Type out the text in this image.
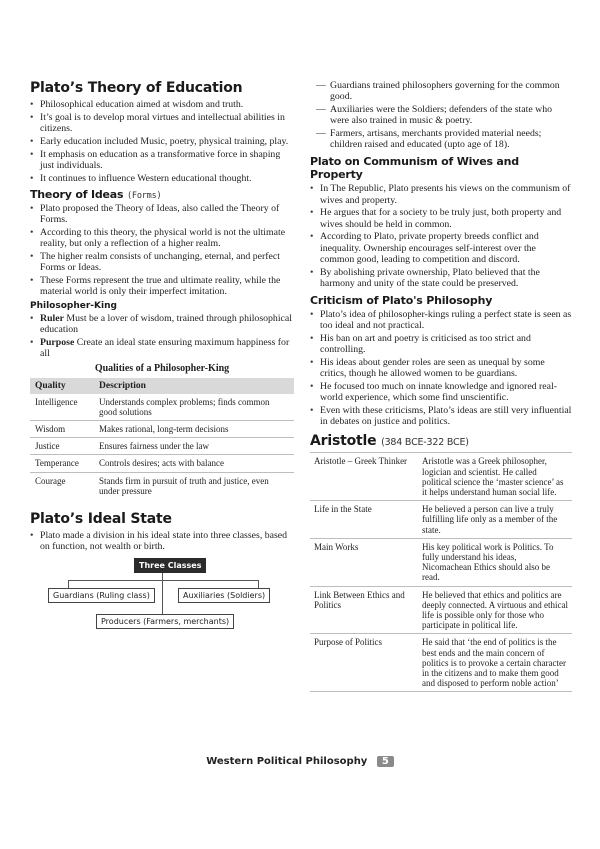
Plato’s Theory of Education
• Philosophical education aimed at wisdom and truth.
• It’s goal is to develop moral virtues and intellectual abilities in citizens.
• Early education included Music, poetry, physical training, play.
• It emphasis on education as a transformative force in shaping just individuals.
• It continues to influence Western educational thought.
Theory of Ideas (Forms)
• Plato proposed the Theory of Ideas, also called the Theory of Forms.
• According to this theory, the physical world is not the ultimate reality, but only a reflection of a higher realm.
• The higher realm consists of unchanging, eternal, and perfect Forms or Ideas.
• These Forms represent the true and ultimate reality, while the material world is only their imperfect imitation.
Philosopher-King
• Ruler Must be a lover of wisdom, trained through philosophical education
• Purpose Create an ideal state ensuring maximum happiness for all
Qualities of a Philosopher-King
Quality	Description
Intelligence	Understands complex problems; finds common good solutions
Wisdom	Makes rational, long-term decisions
Justice	Ensures fairness under the law
Temperance	Controls desires; acts with balance
Courage	Stands firm in pursuit of truth and justice, even under pressure
Plato’s Ideal State
• Plato made a division in his ideal state into three classes, based on function, not wealth or birth.
Three Classes
Guardians (Ruling class)	Auxiliaries (Soldiers)
Producers (Farmers, merchants)
— Guardians trained philosophers governing for the common good.
— Auxiliaries were the Soldiers; defenders of the state who were also trained in music & poetry.
— Farmers, artisans, merchants provided material needs; children raised and educated (upto age of 18).
Plato on Communism of Wives and Property
• In The Republic, Plato presents his views on the communism of wives and property.
• He argues that for a society to be truly just, both property and wives should be held in common.
• According to Plato, private property breeds conflict and inequality. Ownership encourages self-interest over the common good, leading to competition and discord.
• By abolishing private ownership, Plato believed that the harmony and unity of the state could be preserved.
Criticism of Plato's Philosophy
• Plato’s idea of philosopher-kings ruling a perfect state is seen as too ideal and not practical.
• His ban on art and poetry is criticised as too strict and controlling.
• His ideas about gender roles are seen as unequal by some critics, though he allowed women to be guardians.
• He focused too much on innate knowledge and ignored real-world experience, which some find unscientific.
• Even with these criticisms, Plato’s ideas are still very influential in debates on justice and politics.
Aristotle (384 BCE-322 BCE)
Aristotle – Greek Thinker	Aristotle was a Greek philosopher, logician and scientist. He called political science the ‘master science’ as it helps understand human social life.
Life in the State	He believed a person can live a truly fulfilling life only as a member of the state.
Main Works	His key political work is Politics. To fully understand his ideas, Nicomachean Ethics should also be read.
Link Between Ethics and Politics	He believed that ethics and politics are deeply connected. A virtuous and ethical life is possible only for those who participate in political life.
Purpose of Politics	He said that ‘the end of politics is the best ends and the main concern of politics is to provoke a certain character in the citizens and to make them good and disposed to perform noble action’
Western Political Philosophy 5
